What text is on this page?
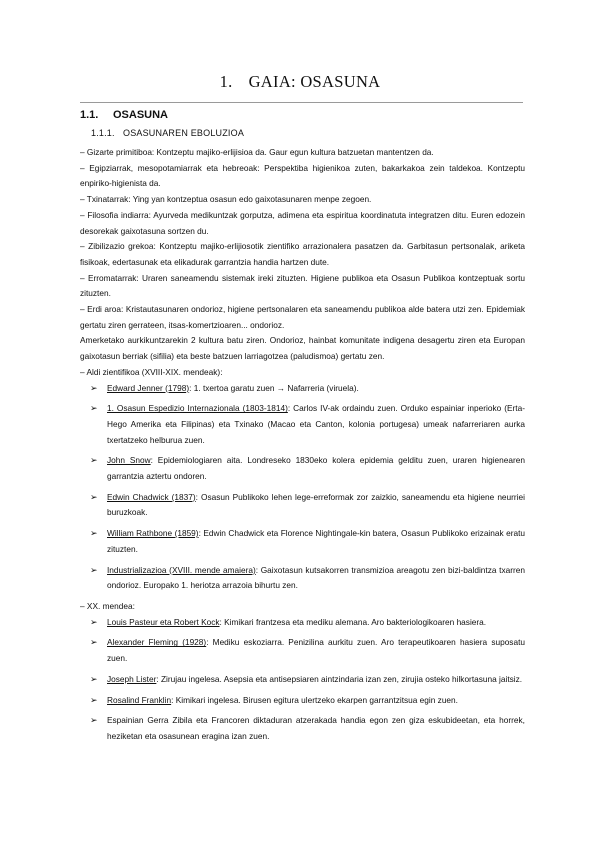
1. GAIA: OSASUNA
1.1. OSASUNA
1.1.1. OSASUNAREN EBOLUZIOA

– Gizarte primitiboa: Kontzeptu majiko-erlijisioa da. Gaur egun kultura batzuetan mantentzen da.

– Egipziarrak, mesopotamiarrak eta hebreoak: Perspektiba higienikoa zuten, bakarkakoa zein taldekoa. Kontzeptu enpiriko-higienista da.

– Txinatarrak: Ying yan kontzeptua osasun edo gaixotasunaren menpe zegoen.

– Filosofia indiarra: Ayurveda medikuntzak gorputza, adimena eta espiritua koordinatuta integratzen ditu. Euren edozein desorekak gaixotasuna sortzen du.

– Zibilizazio grekoa: Kontzeptu majiko-erlijiosotik zientifiko arrazionalera pasatzen da. Garbitasun pertsonalak, ariketa fisikoak, edertasunak eta elikadurak garrantzia handia hartzen dute.

– Erromatarrak: Uraren saneamendu sistemak ireki zituzten. Higiene publikoa eta Osasun Publikoa kontzeptuak sortu zituzten.

– Erdi aroa: Kristautasunaren ondorioz, higiene pertsonalaren eta saneamendu publikoa alde batera utzi zen. Epidemiak gertatu ziren gerrateen, itsas-komertzioaren... ondorioz.

Amerketako aurkikuntzarekin 2 kultura batu ziren. Ondorioz, hainbat komunitate indigena desagertu ziren eta Europan gaixotasun berriak (sifilia) eta beste batzuen larriagotzea (paludismoa) gertatu zen.

– Aldi zientifikoa (XVIII-XIX. mendeak):

➢ Edward Jenner (1798): 1. txertoa garatu zuen → Nafarreria (viruela).
➢ 1. Osasun Espedizio Internazionala (1803-1814): Carlos IV-ak ordaindu zuen. Orduko espainiar inperioko (Erta-Hego Amerika eta Filipinas) eta Txinako (Macao eta Canton, kolonia portugesa) umeak nafarreriaren aurka txertatzeko helburua zuen.
➢ John Snow: Epidemiologiaren aita. Londreseko 1830eko kolera epidemia gelditu zuen, uraren higienearen garrantzia aztertu ondoren.
➢ Edwin Chadwick (1837): Osasun Publikoko lehen lege-erreformak zor zaizkio, saneamendu eta higiene neurriei buruzkoak.
➢ William Rathbone (1859): Edwin Chadwick eta Florence Nightingale-kin batera, Osasun Publikoko erizainak eratu zituzten.
➢ Industrializazioa (XVIII. mende amaiera): Gaixotasun kutsakorren transmizioa areagotu zen bizi-baldintza txarren ondorioz. Europako 1. heriotza arrazoia bihurtu zen.

– XX. mendea:

➢ Louis Pasteur eta Robert Kock: Kimikari frantzesa eta mediku alemana. Aro bakteriologikoaren hasiera.
➢ Alexander Fleming (1928): Mediku eskoziarra. Penizilina aurkitu zuen. Aro terapeutikoaren hasiera suposatu zuen.
➢ Joseph Lister: Zirujau ingelesa. Asepsia eta antisepsiaren aintzindaria izan zen, zirujia osteko hilkortasuna jaitsiz.
➢ Rosalind Franklin: Kimikari ingelesa. Birusen egitura ulertzeko ekarpen garrantzitsua egin zuen.
➢ Espainian Gerra Zibila eta Francoren diktaduran atzerakada handia egon zen giza eskubideetan, eta horrek, heziketan eta osasunean eragina izan zuen.
